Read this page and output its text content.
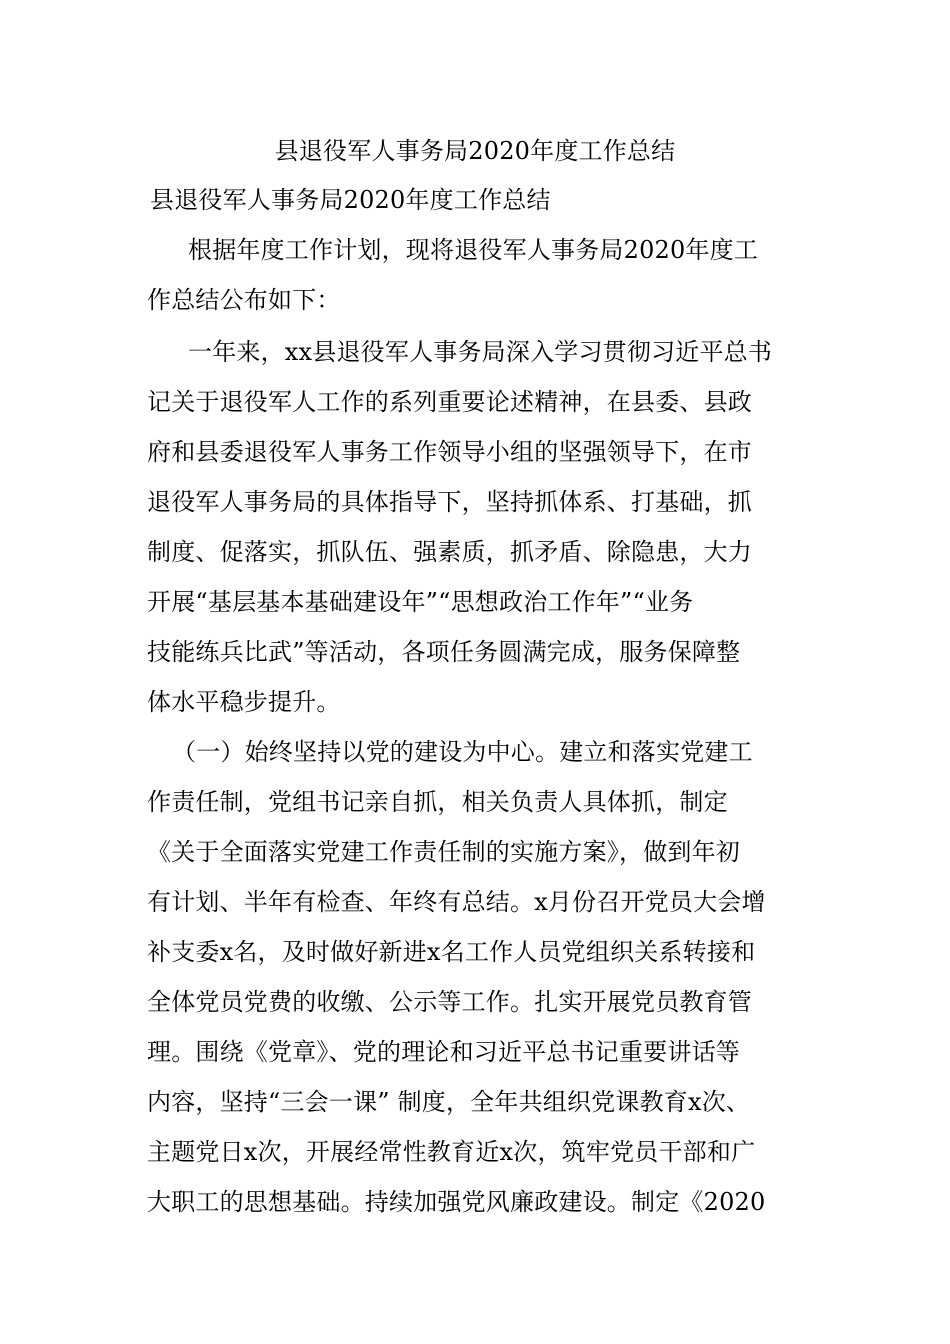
县退役军人事务局2020年度工作总结
县退役军人事务局2020年度工作总结
根据年度工作计划，现将退役军人事务局2020年度工
作总结公布如下：
一年来，xx县退役军人事务局深入学习贯彻习近平总书
记关于退役军人工作的系列重要论述精神，在县委、县政
府和县委退役军人事务工作领导小组的坚强领导下，在市
退役军人事务局的具体指导下，坚持抓体系、打基础，抓
制度、促落实，抓队伍、强素质，抓矛盾、除隐患，大力
开展“基层基本基础建设年”“思想政治工作年”“业务
技能练兵比武”等活动，各项任务圆满完成，服务保障整
体水平稳步提升。
（一）始终坚持以党的建设为中心。建立和落实党建工
作责任制，党组书记亲自抓，相关负责人具体抓，制定
《关于全面落实党建工作责任制的实施方案》，做到年初
有计划、半年有检查、年终有总结。x月份召开党员大会增
补支委x名，及时做好新进x名工作人员党组织关系转接和
全体党员党费的收缴、公示等工作。扎实开展党员教育管
理。围绕《党章》、党的理论和习近平总书记重要讲话等
内容，坚持“三会一课” 制度，全年共组织党课教育x次、
主题党日x次，开展经常性教育近x次，筑牢党员干部和广
大职工的思想基础。持续加强党风廉政建设。制定《2020
